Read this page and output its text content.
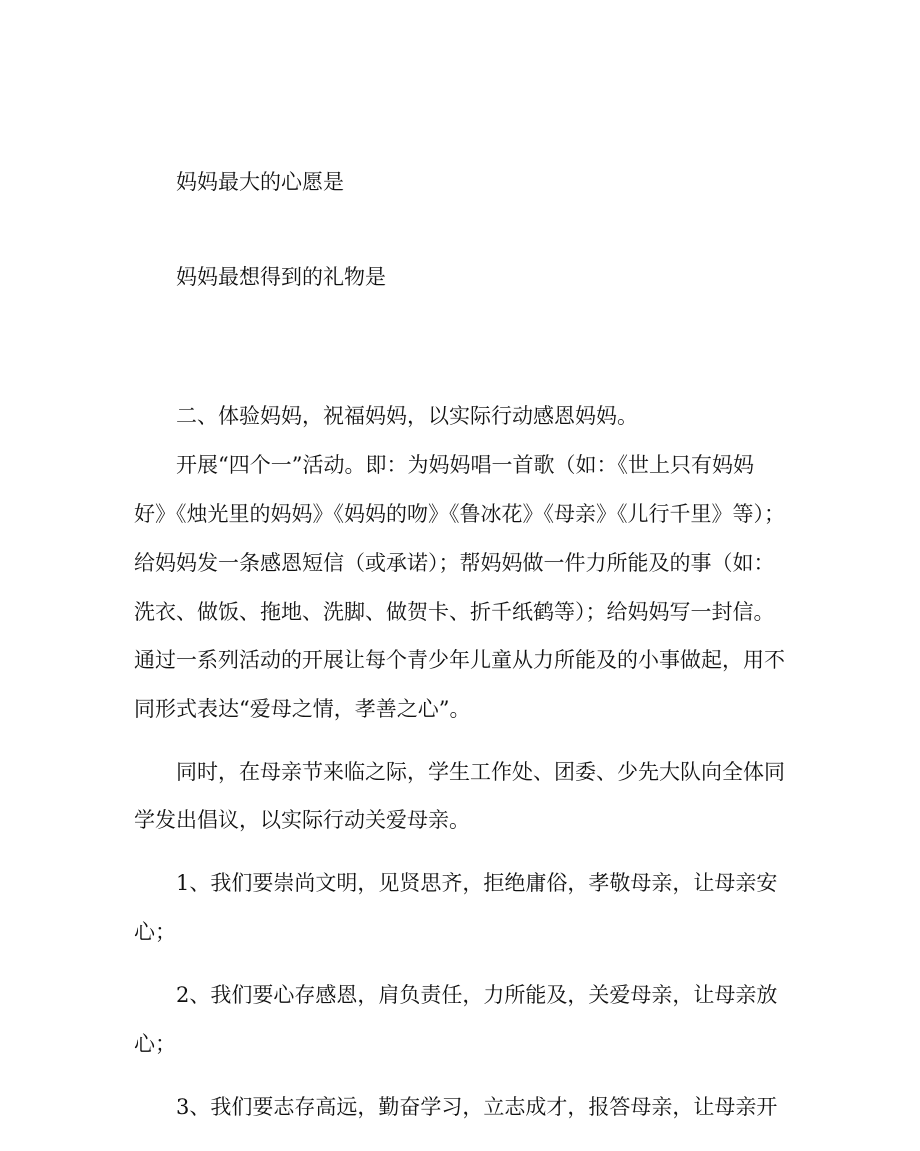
妈妈最大的心愿是
妈妈最想得到的礼物是
二、体验妈妈，祝福妈妈，以实际行动感恩妈妈。
开展“四个一”活动。即：为妈妈唱一首歌（如：《世上只有妈妈
好》《烛光里的妈妈》《妈妈的吻》《鲁冰花》《母亲》《儿行千里》等）；
给妈妈发一条感恩短信（或承诺）；帮妈妈做一件力所能及的事（如：
洗衣、做饭、拖地、洗脚、做贺卡、折千纸鹤等）；给妈妈写一封信。
通过一系列活动的开展让每个青少年儿童从力所能及的小事做起，用不
同形式表达“爱母之情，孝善之心”。
同时，在母亲节来临之际，学生工作处、团委、少先大队向全体同
学发出倡议，以实际行动关爱母亲。
1、我们要崇尚文明，见贤思齐，拒绝庸俗，孝敬母亲，让母亲安
心；
2、我们要心存感恩，肩负责任，力所能及，关爱母亲，让母亲放
心；
3、我们要志存高远，勤奋学习，立志成才，报答母亲，让母亲开
